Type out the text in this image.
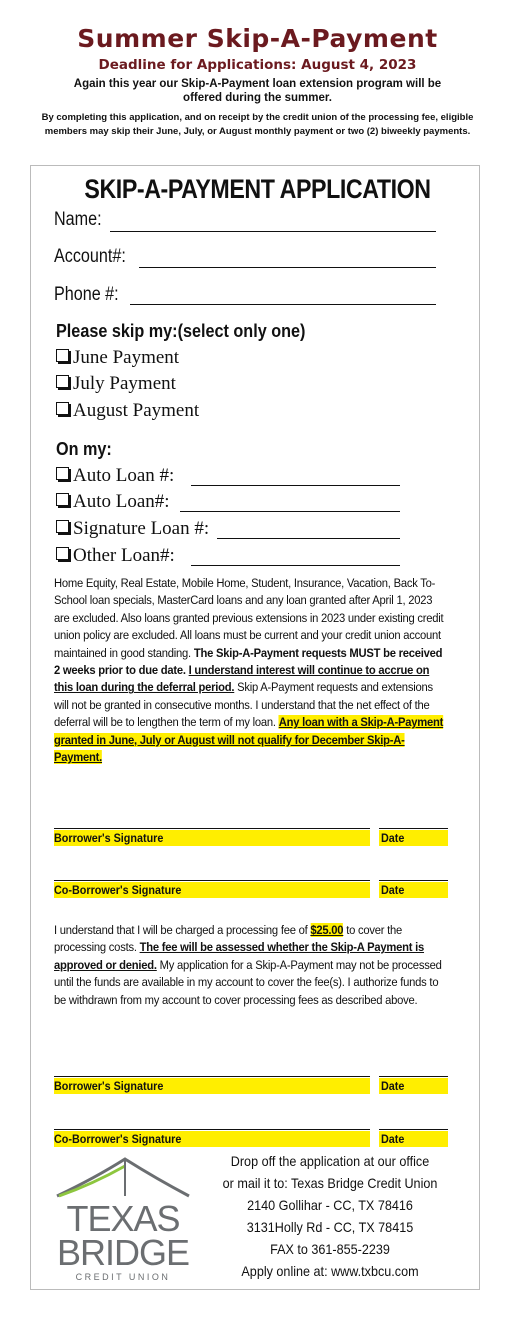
Summer Skip-A-Payment
Deadline for Applications: August 4, 2023
Again this year our Skip-A-Payment loan extension program will be offered during the summer.
By completing this application, and on receipt by the credit union of the processing fee, eligible members may skip their June, July, or August monthly payment or two (2) biweekly payments.
SKIP-A-PAYMENT APPLICATION
Name:
Account#:
Phone #:
Please skip my:(select only one)
June Payment
July Payment
August Payment
On my:
Auto Loan #:
Auto Loan#:
Signature Loan #:
Other Loan#:
Home Equity, Real Estate, Mobile Home, Student, Insurance, Vacation, Back To-School loan specials, MasterCard loans and any loan granted after April 1, 2023 are excluded. Also loans granted previous extensions in 2023 under existing credit union policy are excluded. All loans must be current and your credit union account maintained in good standing. The Skip-A-Payment requests MUST be received 2 weeks prior to due date. I understand interest will continue to accrue on this loan during the deferral period. Skip A-Payment requests and extensions will not be granted in consecutive months. I understand that the net effect of the deferral will be to lengthen the term of my loan. Any loan with a Skip-A-Payment granted in June, July or August will not qualify for December Skip-A-Payment.
Borrower's Signature	Date
Co-Borrower's Signature	Date
I understand that I will be charged a processing fee of $25.00 to cover the processing costs. The fee will be assessed whether the Skip-A Payment is approved or denied. My application for a Skip-A-Payment may not be processed until the funds are available in my account to cover the fee(s). I authorize funds to be withdrawn from my account to cover processing fees as described above.
Borrower's Signature	Date
Co-Borrower's Signature	Date
TEXAS
BRIDGE
CREDIT UNION
Drop off the application at our office
or mail it to: Texas Bridge Credit Union
2140 Gollihar - CC, TX 78416
3131Holly Rd - CC, TX 78415
FAX to 361-855-2239
Apply online at: www.txbcu.com
